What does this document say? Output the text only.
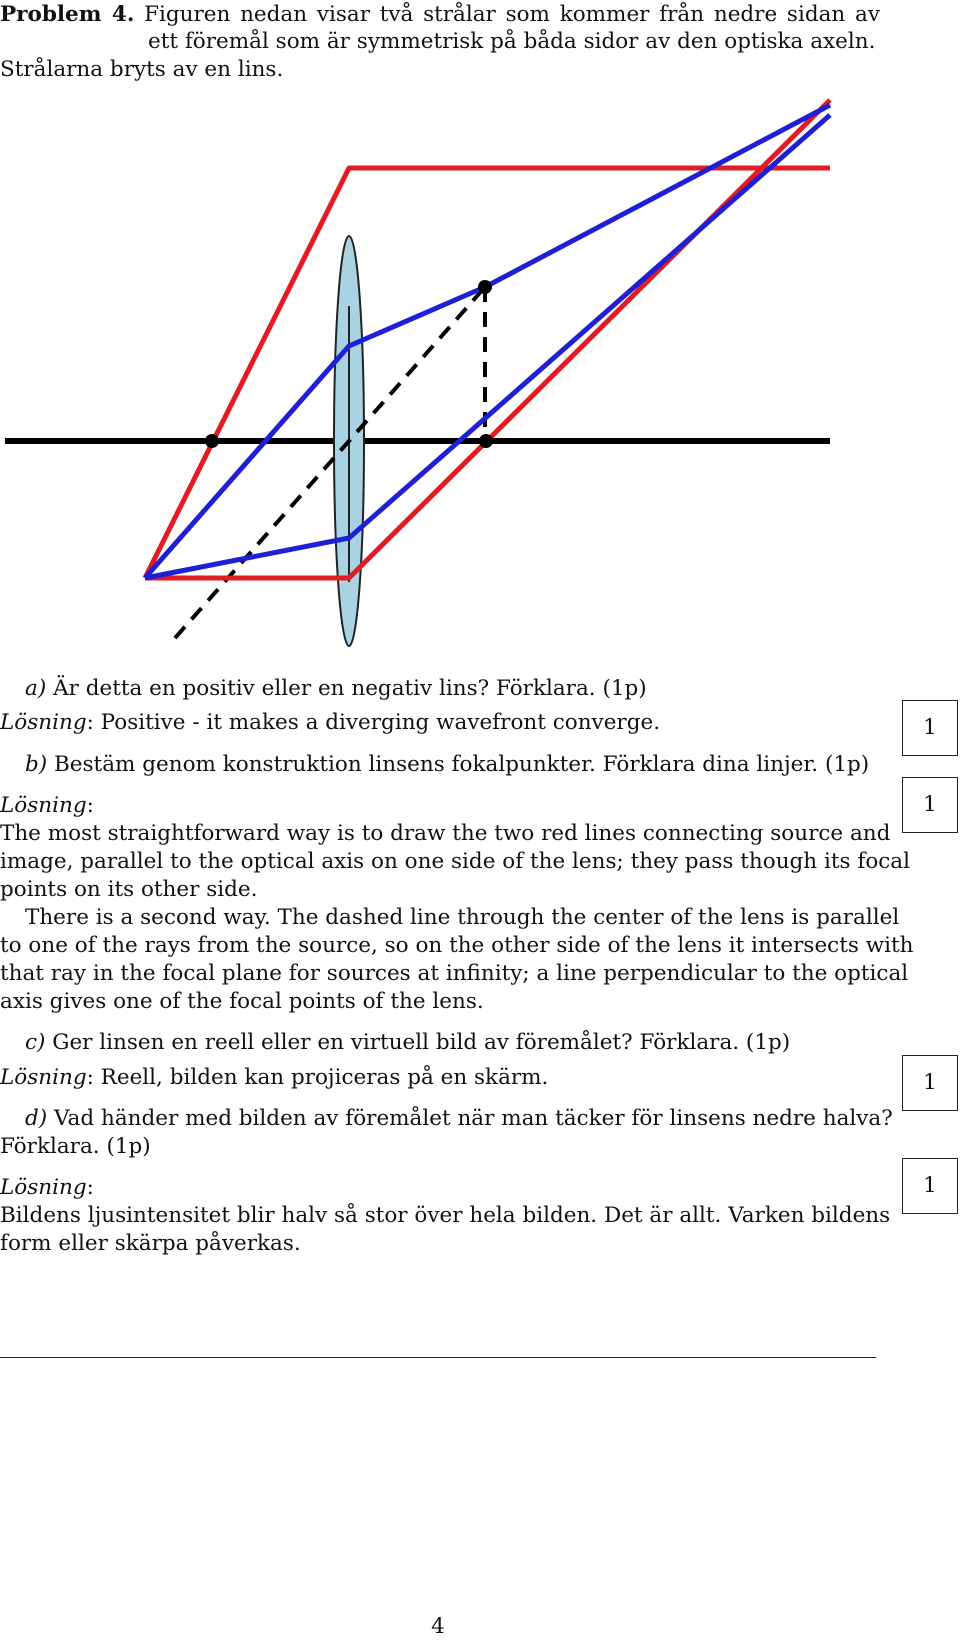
Problem 4. Figuren nedan visar två strålar som kommer från nedre sidan av
ett föremål som är symmetrisk på båda sidor av den optiska axeln.
Strålarna bryts av en lins.
a) Är detta en positiv eller en negativ lins? Förklara. (1p)
Lösning: Positive - it makes a diverging wavefront converge.	1
b) Bestäm genom konstruktion linsens fokalpunkter. Förklara dina linjer. (1p)
Lösning:	1
The most straightforward way is to draw the two red lines connecting source and
image, parallel to the optical axis on one side of the lens; they pass though its focal
points on its other side.
There is a second way. The dashed line through the center of the lens is parallel
to one of the rays from the source, so on the other side of the lens it intersects with
that ray in the focal plane for sources at infinity; a line perpendicular to the optical
axis gives one of the focal points of the lens.
c) Ger linsen en reell eller en virtuell bild av föremålet? Förklara. (1p)
Lösning: Reell, bilden kan projiceras på en skärm.	1
d) Vad händer med bilden av föremålet när man täcker för linsens nedre halva?
Förklara. (1p)
Lösning:	1
Bildens ljusintensitet blir halv så stor över hela bilden. Det är allt. Varken bildens
form eller skärpa påverkas.
4
